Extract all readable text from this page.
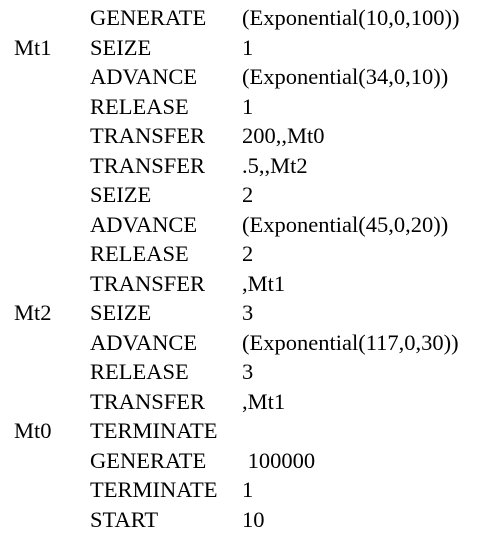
GENERATE (Exponential(10,0,100))
Mt1 SEIZE	1
ADVANCE (Exponential(34,0,10))
RELEASE 1
TRANSFER 200,,Mt0
TRANSFER .5,,Mt2
SEIZE	2
ADVANCE (Exponential(45,0,20))
RELEASE 2
TRANSFER ,Mt1
Mt2 SEIZE	3
ADVANCE (Exponential(117,0,30))
RELEASE 3
TRANSFER ,Mt1
Mt0 TERMINATE
GENERATE 100000
TERMINATE 1
START	10
